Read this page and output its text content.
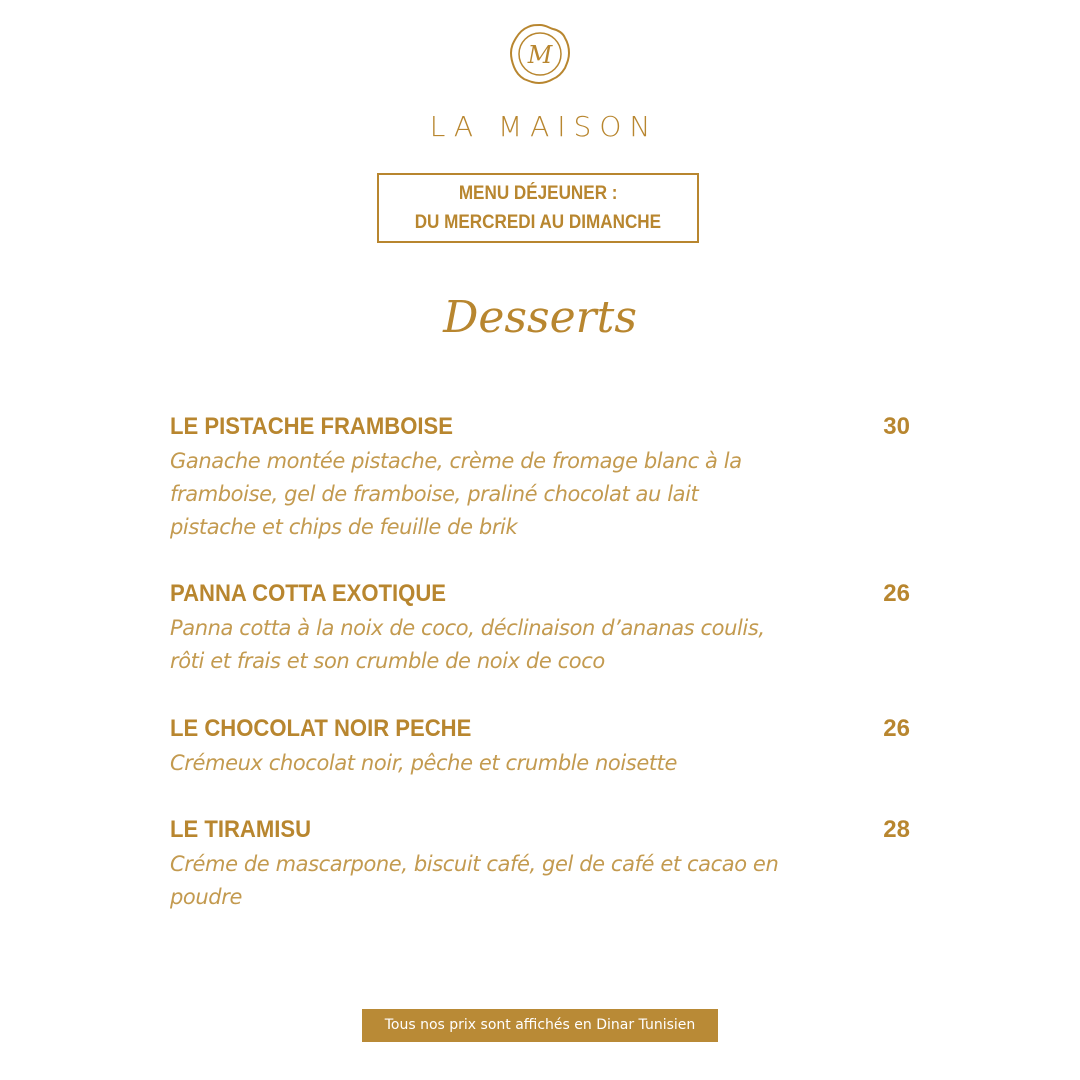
M
LA MAISON
MENU DÉJEUNER :
DU MERCREDI AU DIMANCHE
Desserts
LE PISTACHE FRAMBOISE	30
Ganache montée pistache, crème de fromage blanc à la framboise, gel de framboise, praliné chocolat au lait pistache et chips de feuille de brik
PANNA COTTA EXOTIQUE	26
Panna cotta à la noix de coco, déclinaison d’ananas coulis, rôti et frais et son crumble de noix de coco
LE CHOCOLAT NOIR PECHE	26
Crémeux chocolat noir, pêche et crumble noisette
LE TIRAMISU	28
Créme de mascarpone, biscuit café, gel de café et cacao en poudre
Tous nos prix sont affichés en Dinar Tunisien
